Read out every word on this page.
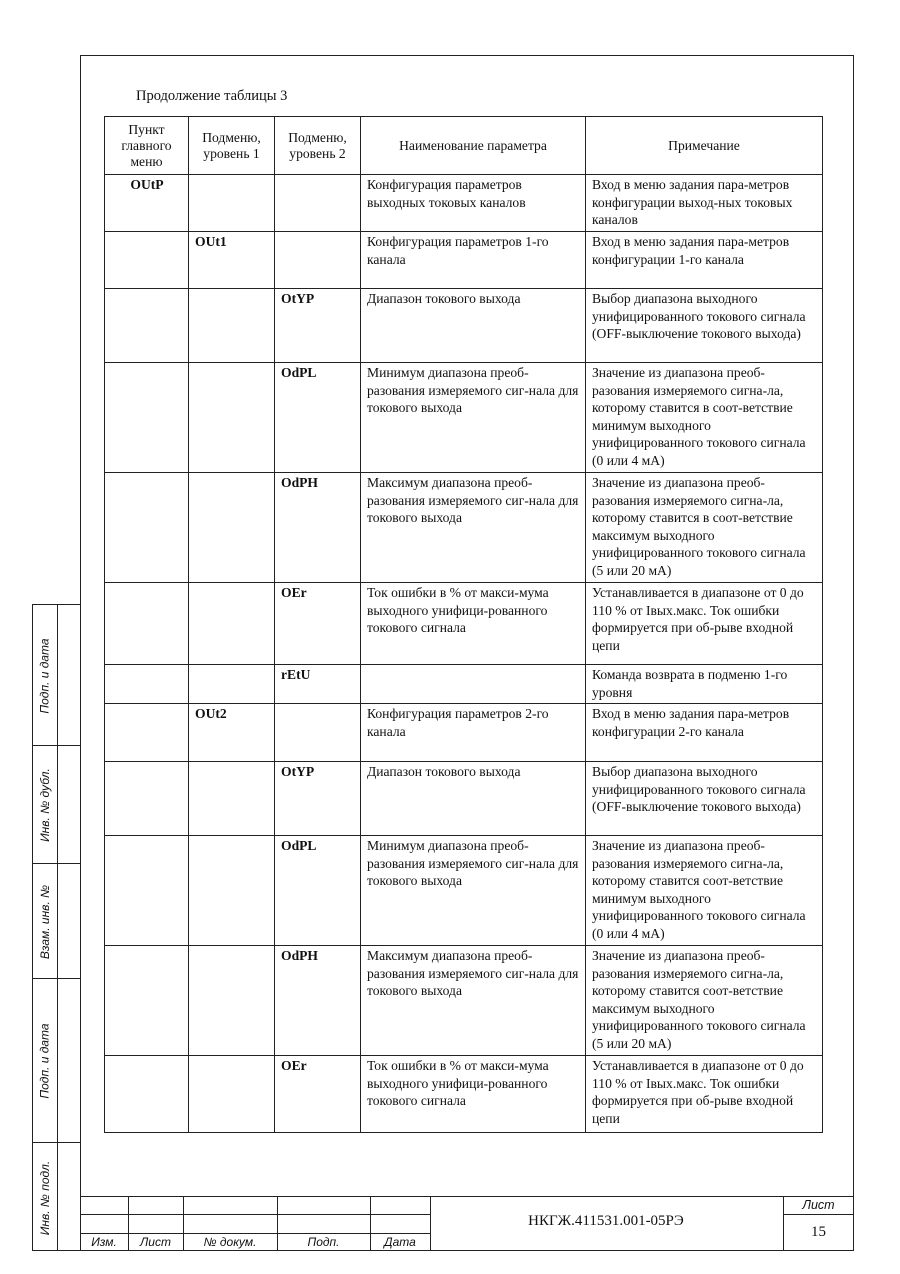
Продолжение таблицы 3
Пункт главного меню	Подменю, уровень 1	Подменю, уровень 2	Наименование параметра	Примечание
OUtP			Конфигурация параметров выходных токовых каналов	Вход в меню задания пара-метров конфигурации выход-ных токовых каналов
	OUt1		Конфигурация параметров 1-го канала	Вход в меню задания пара-метров конфигурации 1-го канала
		OtYP	Диапазон токового выхода	Выбор диапазона выходного унифицированного токового сигнала (OFF-выключение токового выхода)
		OdPL	Минимум диапазона преоб-разования измеряемого сиг-нала для токового выхода	Значение из диапазона преоб-разования измеряемого сигна-ла, которому ставится в соот-ветствие минимум выходного унифицированного токового сигнала (0 или 4 мА)
		OdPH	Максимум диапазона преоб-разования измеряемого сиг-нала для токового выхода	Значение из диапазона преоб-разования измеряемого сигна-ла, которому ставится в соот-ветствие максимум выходного унифицированного токового сигнала (5 или 20 мА)
		OEr	Ток ошибки в % от макси-мума выходного унифици-рованного токового сигнала	Устанавливается в диапазоне от 0 до 110 % от Iвых.макс. Ток ошибки формируется при об-рыве входной цепи
		rEtU		Команда возврата в подменю 1-го уровня
	OUt2		Конфигурация параметров 2-го канала	Вход в меню задания пара-метров конфигурации 2-го канала
		OtYP	Диапазон токового выхода	Выбор диапазона выходного унифицированного токового сигнала (OFF-выключение токового выхода)
		OdPL	Минимум диапазона преоб-разования измеряемого сиг-нала для токового выхода	Значение из диапазона преоб-разования измеряемого сигна-ла, которому ставится соот-ветствие минимум выходного унифицированного токового сигнала (0 или 4 мА)
		OdPH	Максимум диапазона преоб-разования измеряемого сиг-нала для токового выхода	Значение из диапазона преоб-разования измеряемого сигна-ла, которому ставится соот-ветствие максимум выходного унифицированного токового сигнала (5 или 20 мА)
		OEr	Ток ошибки в % от макси-мума выходного унифици-рованного токового сигнала	Устанавливается в диапазоне от 0 до 110 % от Iвых.макс. Ток ошибки формируется при об-рыве входной цепи
Подп. и дата
Инв. № дубл.
Взам. инв. №
Подп. и дата
Инв. № подл.
Изм.	Лист	№ докум.	Подп.	Дата
НКГЖ.411531.001-05РЭ
Лист
15
